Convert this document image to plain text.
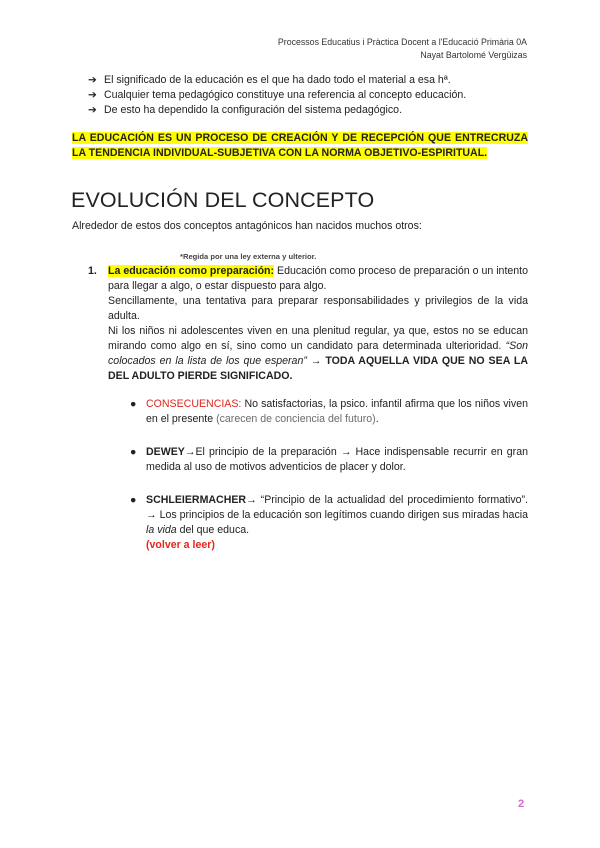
Processos Educatius i Pràctica Docent a l'Educació Primària 0A
Nayat Bartolomé Vergüizas
➔ El significado de la educación es el que ha dado todo el material a esa hª.
➔ Cualquier tema pedagógico constituye una referencia al concepto educación.
➔ De esto ha dependido la configuración del sistema pedagógico.
LA EDUCACIÓN ES UN PROCESO DE CREACIÓN Y DE RECEPCIÓN QUE ENTRECRUZA LA TENDENCIA INDIVIDUAL-SUBJETIVA CON LA NORMA OBJETIVO-ESPIRITUAL.
EVOLUCIÓN DEL CONCEPTO
Alrededor de estos dos conceptos antagónicos han nacidos muchos otros:
*Regida por una ley externa y ulterior.
1. La educación como preparación: Educación como proceso de preparación o un intento para llegar a algo, o estar dispuesto para algo.
Sencillamente, una tentativa para preparar responsabilidades y privilegios de la vida adulta.
Ni los niños ni adolescentes viven en una plenitud regular, ya que, estos no se educan mirando como algo en sí, sino como un candidato para determinada ulterioridad. “Son colocados en la lista de los que esperan” → TODA AQUELLA VIDA QUE NO SEA LA DEL ADULTO PIERDE SIGNIFICADO.
● CONSECUENCIAS: No satisfactorias, la psico. infantil afirma que los niños viven en el presente (carecen de conciencia del futuro).
● DEWEY→El principio de la preparación → Hace indispensable recurrir en gran medida al uso de motivos adventicios de placer y dolor.
● SCHLEIERMACHER→ “Principio de la actualidad del procedimiento formativo”. → Los principios de la educación son legítimos cuando dirigen sus miradas hacia la vida del que educa.
(volver a leer)
2
